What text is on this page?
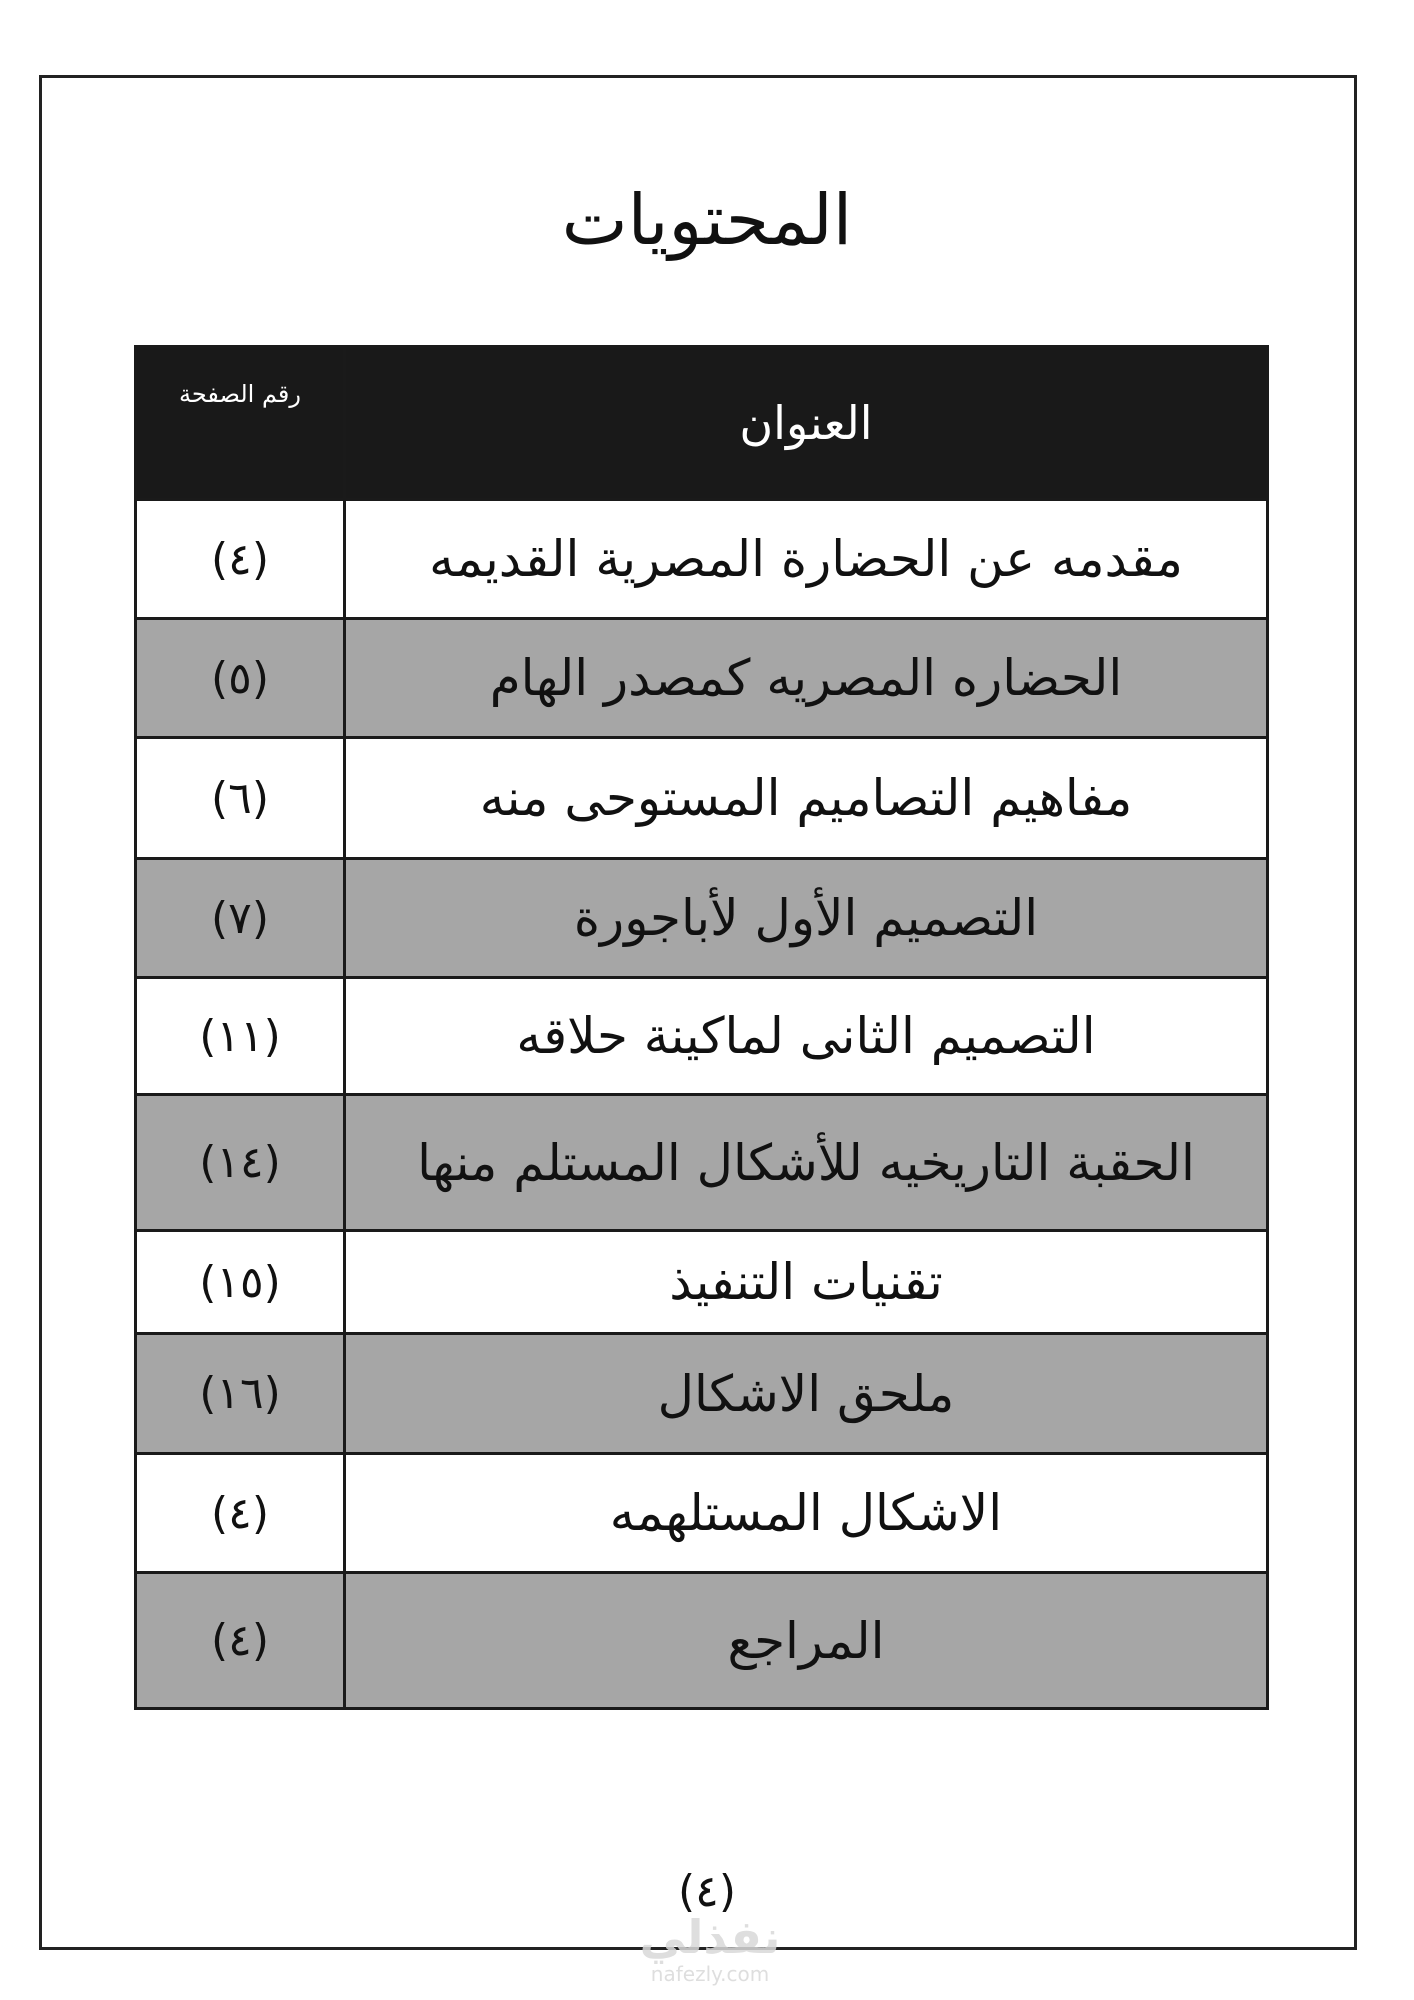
المحتويات
رقم الصفحة	العنوان
(٤)	مقدمه عن الحضارة المصرية القديمه
(٥)	الحضاره المصريه كمصدر الهام
(٦)	مفاهيم التصاميم المستوحى منه
(٧)	التصميم الأول لأباجورة
(١١)	التصميم الثانى لماكينة حلاقه
(١٤)	الحقبة التاريخيه للأشكال المستلم منها
(١٥)	تقنيات التنفيذ
(١٦)	ملحق الاشكال
(٤)	الاشكال المستلهمه
(٤)	المراجع
(٤)
نفذلي
nafezly.com
